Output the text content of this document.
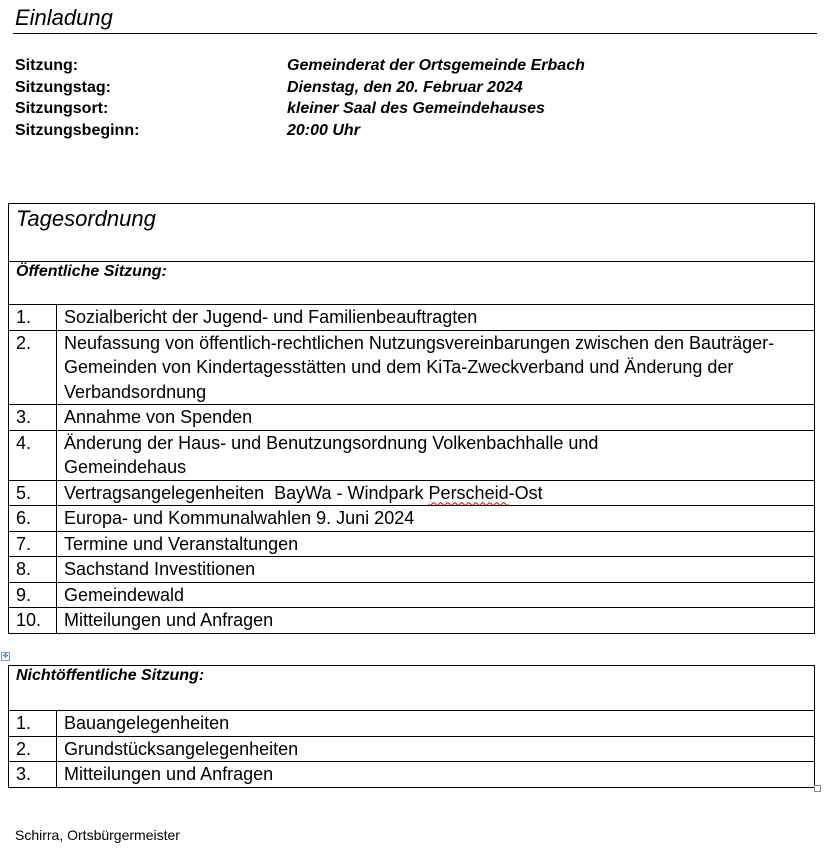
Einladung
Sitzung:	Gemeinderat der Ortsgemeinde Erbach
Sitzungstag:	Dienstag, den 20. Februar 2024
Sitzungsort:	kleiner Saal des Gemeindehauses
Sitzungsbeginn:	20:00 Uhr
Tagesordnung	
Öffentliche Sitzung:	
1.	Sozialbericht der Jugend- und Familienbeauftragten
2.	Neufassung von öffentlich-rechtlichen Nutzungsvereinbarungen zwischen den Bauträger-Gemeinden von Kindertagesstätten und dem KiTa-Zweckverband und Änderung der Verbandsordnung
3.	Annahme von Spenden
4.	Änderung der Haus- und Benutzungsordnung Volkenbachhalle und Gemeindehaus
5.	Vertragsangelegenheiten  BayWa - Windpark Perscheid-Ost
6.	Europa- und Kommunalwahlen 9. Juni 2024
7.	Termine und Veranstaltungen
8.	Sachstand Investitionen
9.	Gemeindewald
10.	Mitteilungen und Anfragen
✥
Nichtöffentliche Sitzung:	
1.	Bauangelegenheiten
2.	Grundstücksangelegenheiten
3.	Mitteilungen und Anfragen
Schirra, Ortsbürgermeister
